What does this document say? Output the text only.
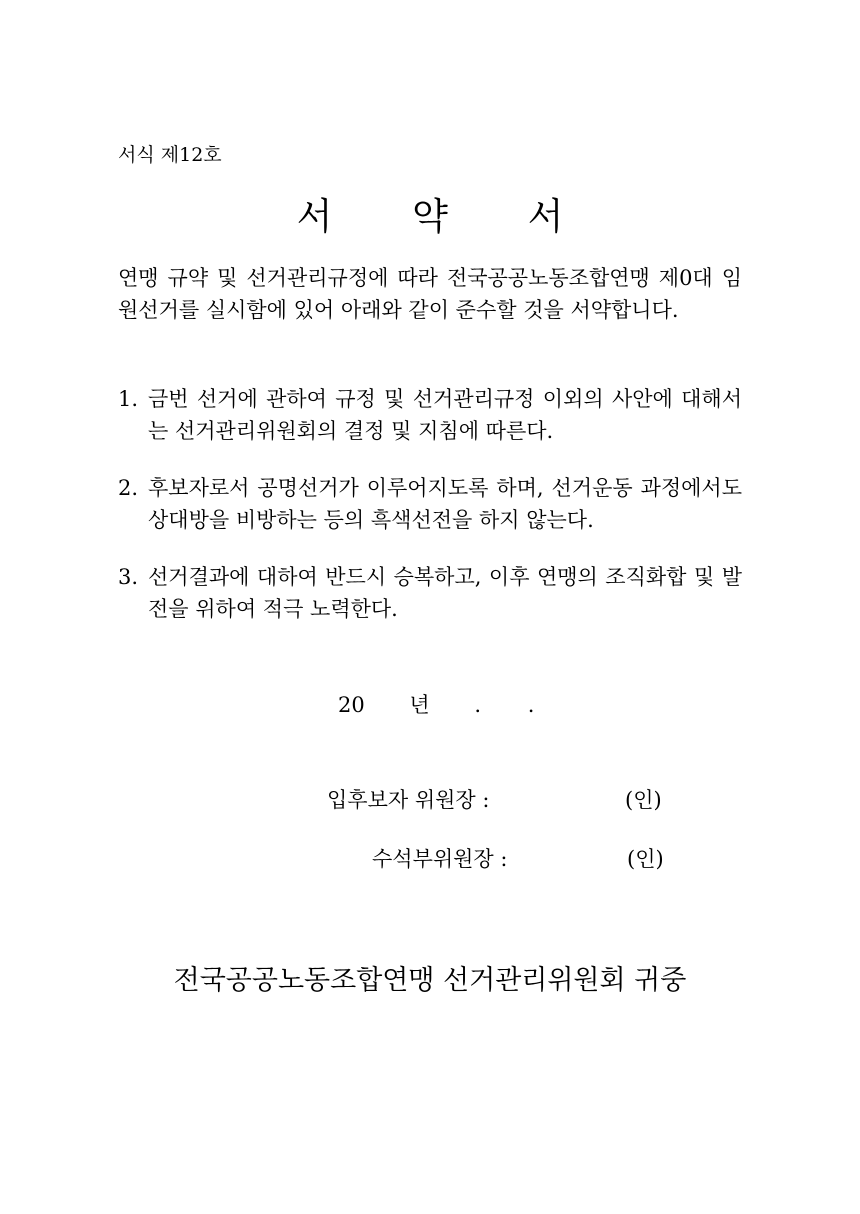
서식 제12호
서 약 서
연맹 규약 및 선거관리규정에 따라 전국공공노동조합연맹 제0대 임원선거를 실시함에 있어 아래와 같이 준수할 것을 서약합니다.
1. 금번 선거에 관하여 규정 및 선거관리규정 이외의 사안에 대해서는 선거관리위원회의 결정 및 지침에 따른다.
2. 후보자로서 공명선거가 이루어지도록 하며, 선거운동 과정에서도 상대방을 비방하는 등의 흑색선전을 하지 않는다.
3. 선거결과에 대하여 반드시 승복하고, 이후 연맹의 조직화합 및 발전을 위하여 적극 노력한다.
20 년 . .
입후보자 위원장 :	(인)
수석부위원장 :	(인)
전국공공노동조합연맹 선거관리위원회 귀중
